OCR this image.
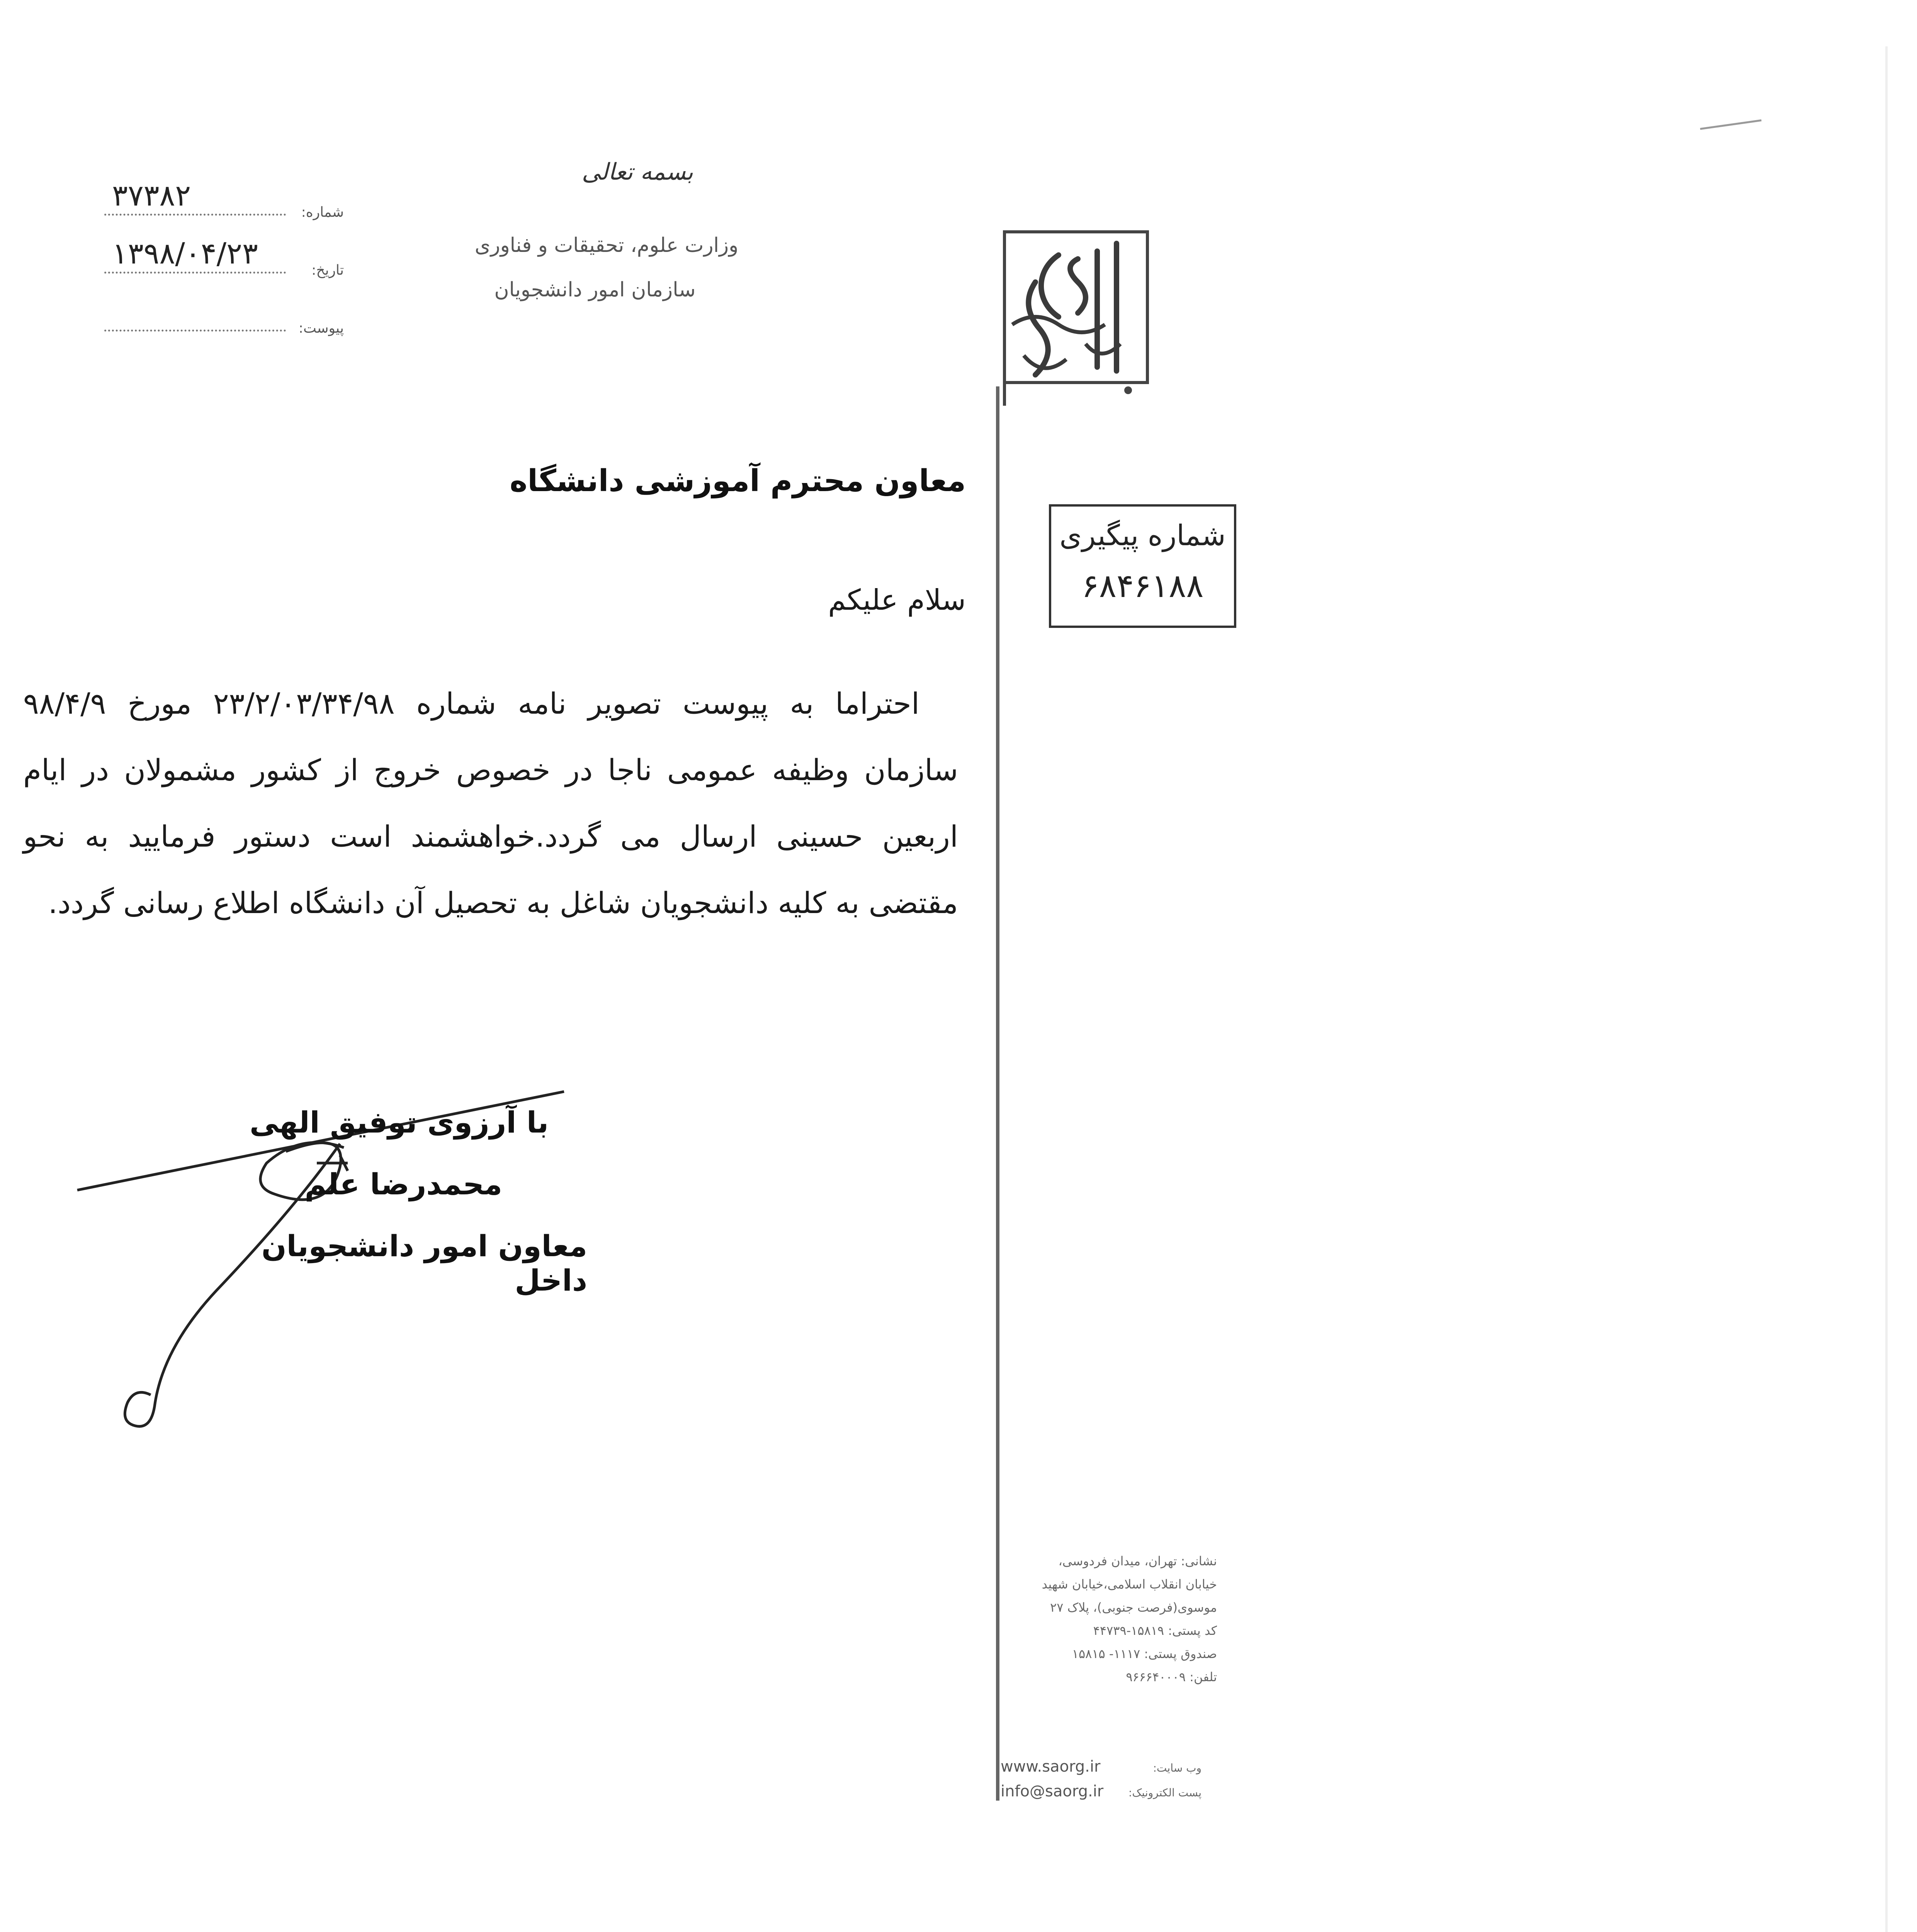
۳۷۳۸۲	شماره:
۱۳۹۸/۰۴/۲۳	تاریخ:
پیوست:
بسمه تعالی
وزارت علوم، تحقیقات و فناوری
سازمان امور دانشجویان
شماره پیگیری
۶۸۴۶۱۸۸
معاون محترم آموزشی دانشگاه
سلام علیکم

احتراما به پیوست تصویر نامه شماره ۲۳/۲/۰۳/۳۴/۹۸ مورخ ۹۸/۴/۹ سازمان وظیفه عمومی ناجا در خصوص خروج از کشور مشمولان در ایام اربعین حسینی ارسال می گردد.خواهشمند است دستور فرمایید به نحو مقتضی به کلیه دانشجویان شاغل به تحصیل آن دانشگاه اطلاع رسانی گردد.

با آرزوی توفیق الهی
محمدرضا علم
معاون امور دانشجویان داخل
نشانی: تهران، میدان فردوسی،
خیابان انقلاب اسلامی،خیابان شهید
موسوی(فرصت جنوبی)، پلاک ۲۷
کد پستی: ۱۵۸۱۹-۴۴۷۳۹
صندوق پستی: ۱۱۱۷- ۱۵۸۱۵
تلفن: ۹۶۶۶۴۰۰۰۹
www.saorg.ir	وب سایت:
info@saorg.ir پست الکترونیک:
